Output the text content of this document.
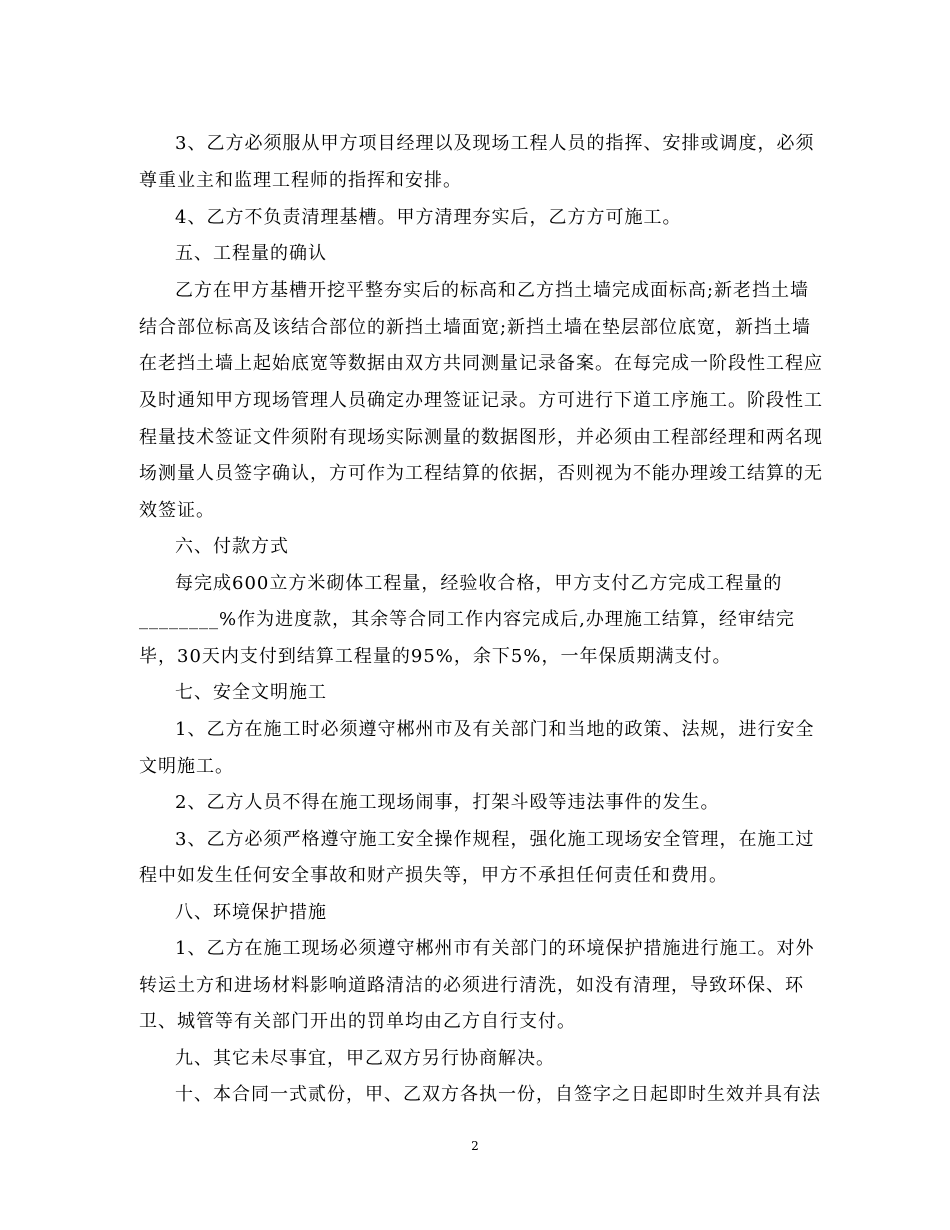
3、乙方必须服从甲方项目经理以及现场工程人员的指挥、安排或调度，必须
尊重业主和监理工程师的指挥和安排。
4、乙方不负责清理基槽。甲方清理夯实后，乙方方可施工。
五、工程量的确认
乙方在甲方基槽开挖平整夯实后的标高和乙方挡土墙完成面标高;新老挡土墙
结合部位标高及该结合部位的新挡土墙面宽;新挡土墙在垫层部位底宽，新挡土墙
在老挡土墙上起始底宽等数据由双方共同测量记录备案。在每完成一阶段性工程应
及时通知甲方现场管理人员确定办理签证记录。方可进行下道工序施工。阶段性工
程量技术签证文件须附有现场实际测量的数据图形，并必须由工程部经理和两名现
场测量人员签字确认，方可作为工程结算的依据，否则视为不能办理竣工结算的无
效签证。
六、付款方式
每完成600立方米砌体工程量，经验收合格，甲方支付乙方完成工程量的
________%作为进度款，其余等合同工作内容完成后,办理施工结算，经审结完
毕，30天内支付到结算工程量的95%，余下5%，一年保质期满支付。
七、安全文明施工
1、乙方在施工时必须遵守郴州市及有关部门和当地的政策、法规，进行安全
文明施工。
2、乙方人员不得在施工现场闹事，打架斗殴等违法事件的发生。
3、乙方必须严格遵守施工安全操作规程，强化施工现场安全管理，在施工过
程中如发生任何安全事故和财产损失等，甲方不承担任何责任和费用。
八、环境保护措施
1、乙方在施工现场必须遵守郴州市有关部门的环境保护措施进行施工。对外
转运土方和进场材料影响道路清洁的必须进行清洗，如没有清理，导致环保、环
卫、城管等有关部门开出的罚单均由乙方自行支付。
九、其它未尽事宜，甲乙双方另行协商解决。
十、本合同一式贰份，甲、乙双方各执一份，自签字之日起即时生效并具有法
2
